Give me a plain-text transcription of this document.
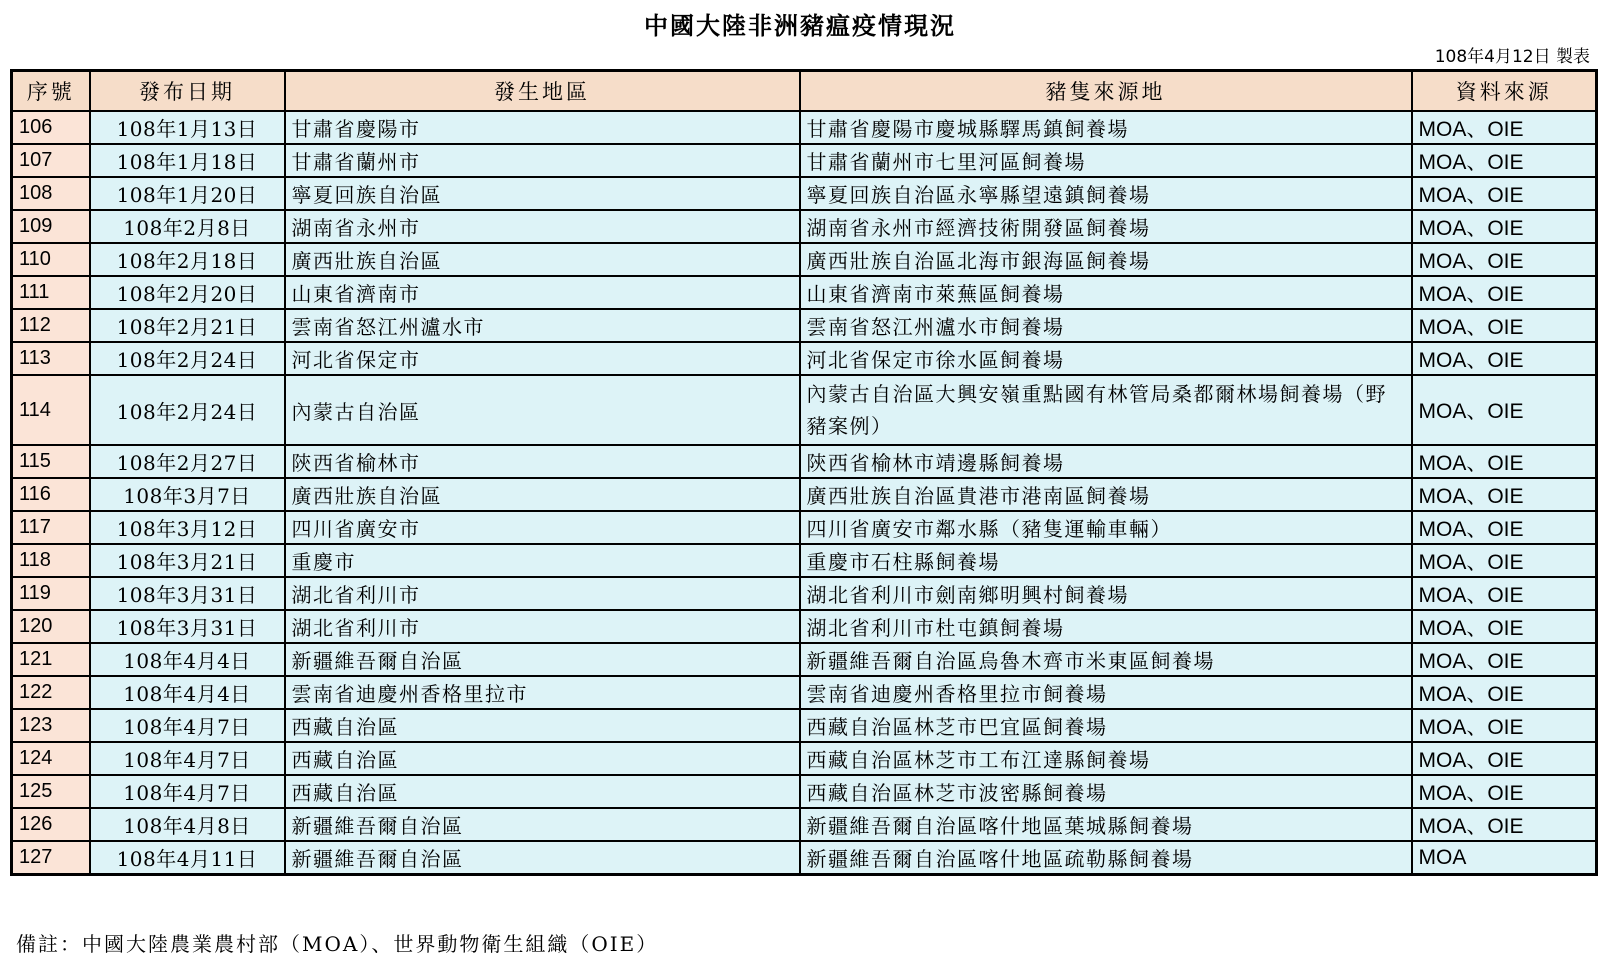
中國大陸非洲豬瘟疫情現況
108年4月12日 製表
序號	發布日期	發生地區	豬隻來源地	資料來源
106	108年1月13日	甘肅省慶陽市	甘肅省慶陽市慶城縣驛馬鎮飼養場	MOA、OIE
107	108年1月18日	甘肅省蘭州市	甘肅省蘭州市七里河區飼養場	MOA、OIE
108	108年1月20日	寧夏回族自治區	寧夏回族自治區永寧縣望遠鎮飼養場	MOA、OIE
109	108年2月8日	湖南省永州市	湖南省永州市經濟技術開發區飼養場	MOA、OIE
110	108年2月18日	廣西壯族自治區	廣西壯族自治區北海市銀海區飼養場	MOA、OIE
111	108年2月20日	山東省濟南市	山東省濟南市萊蕪區飼養場	MOA、OIE
112	108年2月21日	雲南省怒江州瀘水市	雲南省怒江州瀘水市飼養場	MOA、OIE
113	108年2月24日	河北省保定市	河北省保定市徐水區飼養場	MOA、OIE
114	108年2月24日	內蒙古自治區	內蒙古自治區大興安嶺重點國有林管局桑都爾林場飼養場（野豬案例）	MOA、OIE
115	108年2月27日	陝西省榆林市	陝西省榆林市靖邊縣飼養場	MOA、OIE
116	108年3月7日	廣西壯族自治區	廣西壯族自治區貴港市港南區飼養場	MOA、OIE
117	108年3月12日	四川省廣安市	四川省廣安市鄰水縣（豬隻運輸車輛）	MOA、OIE
118	108年3月21日	重慶市	重慶市石柱縣飼養場	MOA、OIE
119	108年3月31日	湖北省利川市	湖北省利川市劍南鄉明興村飼養場	MOA、OIE
120	108年3月31日	湖北省利川市	湖北省利川市杜屯鎮飼養場	MOA、OIE
121	108年4月4日	新疆維吾爾自治區	新疆維吾爾自治區烏魯木齊市米東區飼養場	MOA、OIE
122	108年4月4日	雲南省迪慶州香格里拉市	雲南省迪慶州香格里拉市飼養場	MOA、OIE
123	108年4月7日	西藏自治區	西藏自治區林芝市巴宜區飼養場	MOA、OIE
124	108年4月7日	西藏自治區	西藏自治區林芝市工布江達縣飼養場	MOA、OIE
125	108年4月7日	西藏自治區	西藏自治區林芝市波密縣飼養場	MOA、OIE
126	108年4月8日	新疆維吾爾自治區	新疆維吾爾自治區喀什地區葉城縣飼養場	MOA、OIE
127	108年4月11日	新疆維吾爾自治區	新疆維吾爾自治區喀什地區疏勒縣飼養場	MOA
備註：中國大陸農業農村部（MOA）、世界動物衛生組織（OIE）
